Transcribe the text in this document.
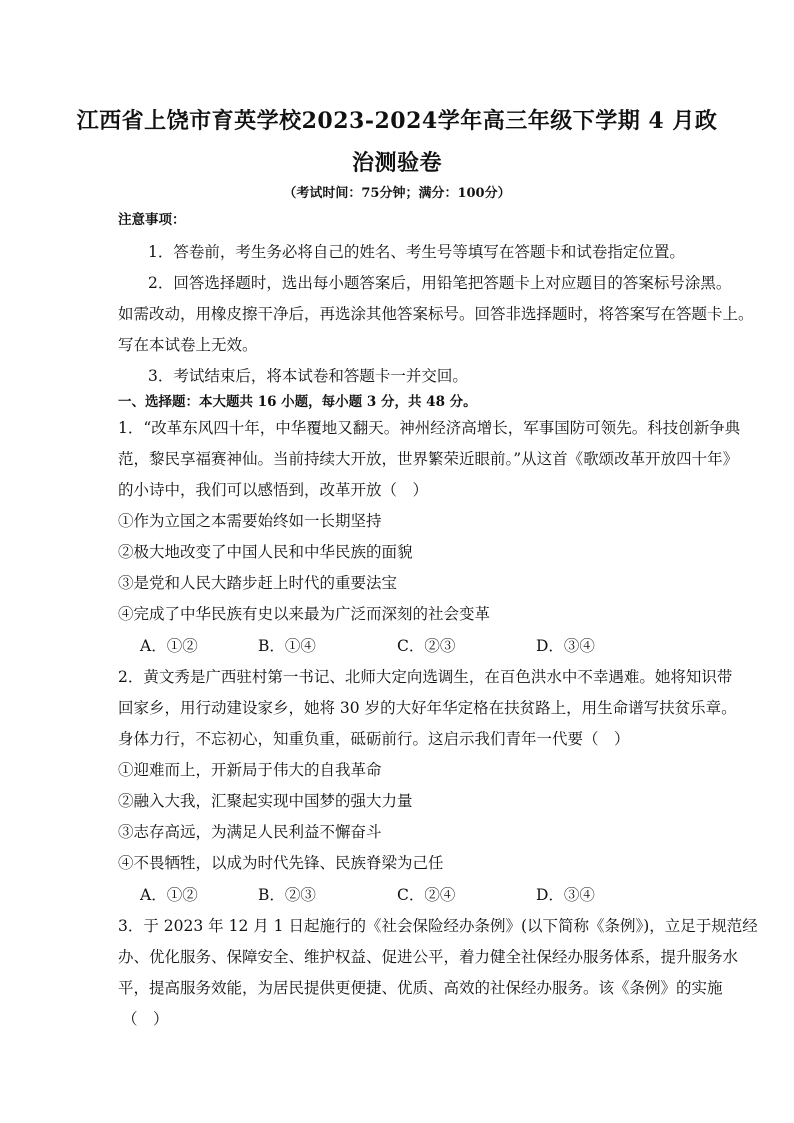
江西省上饶市育英学校2023-2024学年高三年级下学期 4 月政
治测验卷
（考试时间：75分钟；满分：100分）
注意事项：
1．答卷前，考生务必将自己的姓名、考生号等填写在答题卡和试卷指定位置。
2．回答选择题时，选出每小题答案后，用铅笔把答题卡上对应题目的答案标号涂黑。
如需改动，用橡皮擦干净后，再选涂其他答案标号。回答非选择题时，将答案写在答题卡上。
写在本试卷上无效。
3．考试结束后，将本试卷和答题卡一并交回。
一、选择题：本大题共 16 小题，每小题 3 分，共 48 分。
1．“改革东风四十年，中华覆地又翻天。神州经济高增长，军事国防可领先。科技创新争典
范，黎民享福赛神仙。当前持续大开放，世界繁荣近眼前。”从这首《歌颂改革开放四十年》
的小诗中，我们可以感悟到，改革开放（　）
①作为立国之本需要始终如一长期坚持
②极大地改变了中国人民和中华民族的面貌
③是党和人民大踏步赶上时代的重要法宝
④完成了中华民族有史以来最为广泛而深刻的社会变革
A．①②	B．①④	C．②③	D．③④
2．黄文秀是广西驻村第一书记、北师大定向选调生，在百色洪水中不幸遇难。她将知识带
回家乡，用行动建设家乡，她将 30 岁的大好年华定格在扶贫路上，用生命谱写扶贫乐章。
身体力行，不忘初心，知重负重，砥砺前行。这启示我们青年一代要（　）
①迎难而上，开新局于伟大的自我革命
②融入大我，汇聚起实现中国梦的强大力量
③志存高远，为满足人民利益不懈奋斗
④不畏牺牲，以成为时代先锋、民族脊梁为己任
A．①②	B．②③	C．②④	D．③④
3．于 2023 年 12 月 1 日起施行的《社会保险经办条例》(以下简称《条例》)，立足于规范经
办、优化服务、保障安全、维护权益、促进公平，着力健全社保经办服务体系，提升服务水
平，提高服务效能，为居民提供更便捷、优质、高效的社保经办服务。该《条例》的实施
（　）
